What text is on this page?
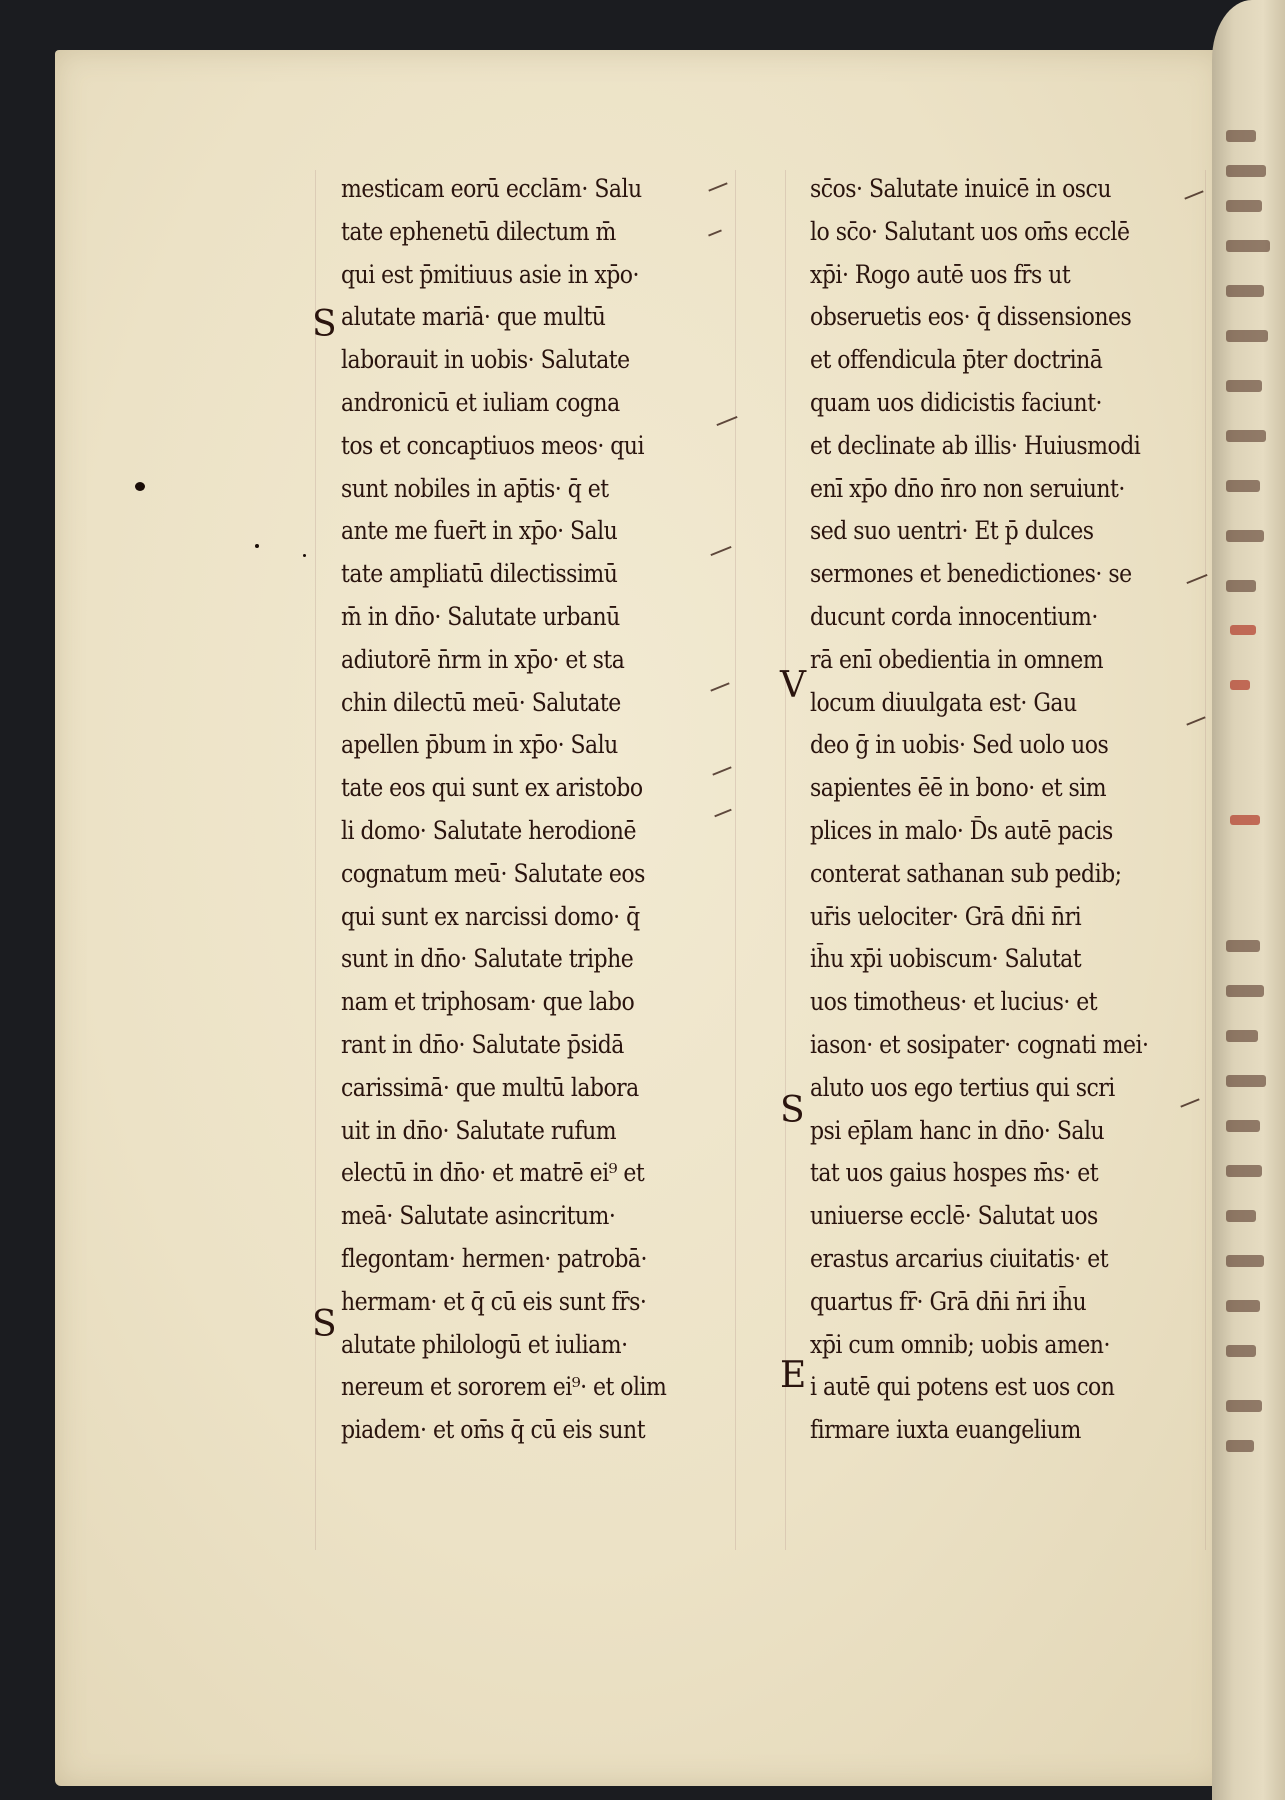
S
S
V
S
E
mesticam eorū ecclām· Salu
tate ephenetū dilectum m̄
qui est p̄mitiuus asie in xp̄o·
alutate mariā· que multū
laborauit in uobis· Salutate
andronicū et iuliam cogna
tos et concaptiuos meos· qui
sunt nobiles in ap̄tis· q̄ et
ante me fuer̄t in xp̄o· Salu
tate ampliatū dilectissimū
m̄ in dn̄o· Salutate urbanū
adiutorē n̄rm in xp̄o· et sta
chin dilectū meū· Salutate
apellen p̄bum in xp̄o· Salu
tate eos qui sunt ex aristobo
li domo· Salutate herodionē
cognatum meū· Salutate eos
qui sunt ex narcissi domo· q̄
sunt in dn̄o· Salutate triphe
nam et triphosam· que labo
rant in dn̄o· Salutate p̄sidā
carissimā· que multū labora
uit in dn̄o· Salutate rufum
electū in dn̄o· et matrē ei⁹ et
meā· Salutate asincritum·
flegontam· hermen· patrobā·
hermam· et q̄ cū eis sunt fr̄s·
alutate philologū et iuliam·
nereum et sororem ei⁹· et olim
piadem· et om̄s q̄ cū eis sunt
sc̄os· Salutate inuicē in oscu
lo sc̄o· Salutant uos om̄s ecclē
xp̄i· Rogo autē uos fr̄s ut
obseruetis eos· q̄ dissensiones
et offendicula p̄ter doctrinā
quam uos didicistis faciunt·
et declinate ab illis· Huiusmodi
enī xp̄o dn̄o n̄ro non seruiunt·
sed suo uentri· Et p̄ dulces
sermones et benedictiones· se
ducunt corda innocentium·
rā enī obedientia in omnem
locum diuulgata est· Gau
deo ḡ in uobis· Sed uolo uos
sapientes ēē in bono· et sim
plices in malo· D̄s autē pacis
conterat sathanan sub pedib;
ur̄is uelociter· Grā dn̄i n̄ri
ih̄u xp̄i uobiscum· Salutat
uos timotheus· et lucius· et
iason· et sosipater· cognati mei·
aluto uos ego tertius qui scri
psi ep̄lam hanc in dn̄o· Salu
tat uos gaius hospes m̄s· et
uniuerse ecclē· Salutat uos
erastus arcarius ciuitatis· et
quartus fr̄· Grā dn̄i n̄ri ih̄u
xp̄i cum omnib; uobis amen·
i autē qui potens est uos con
firmare iuxta euangelium
